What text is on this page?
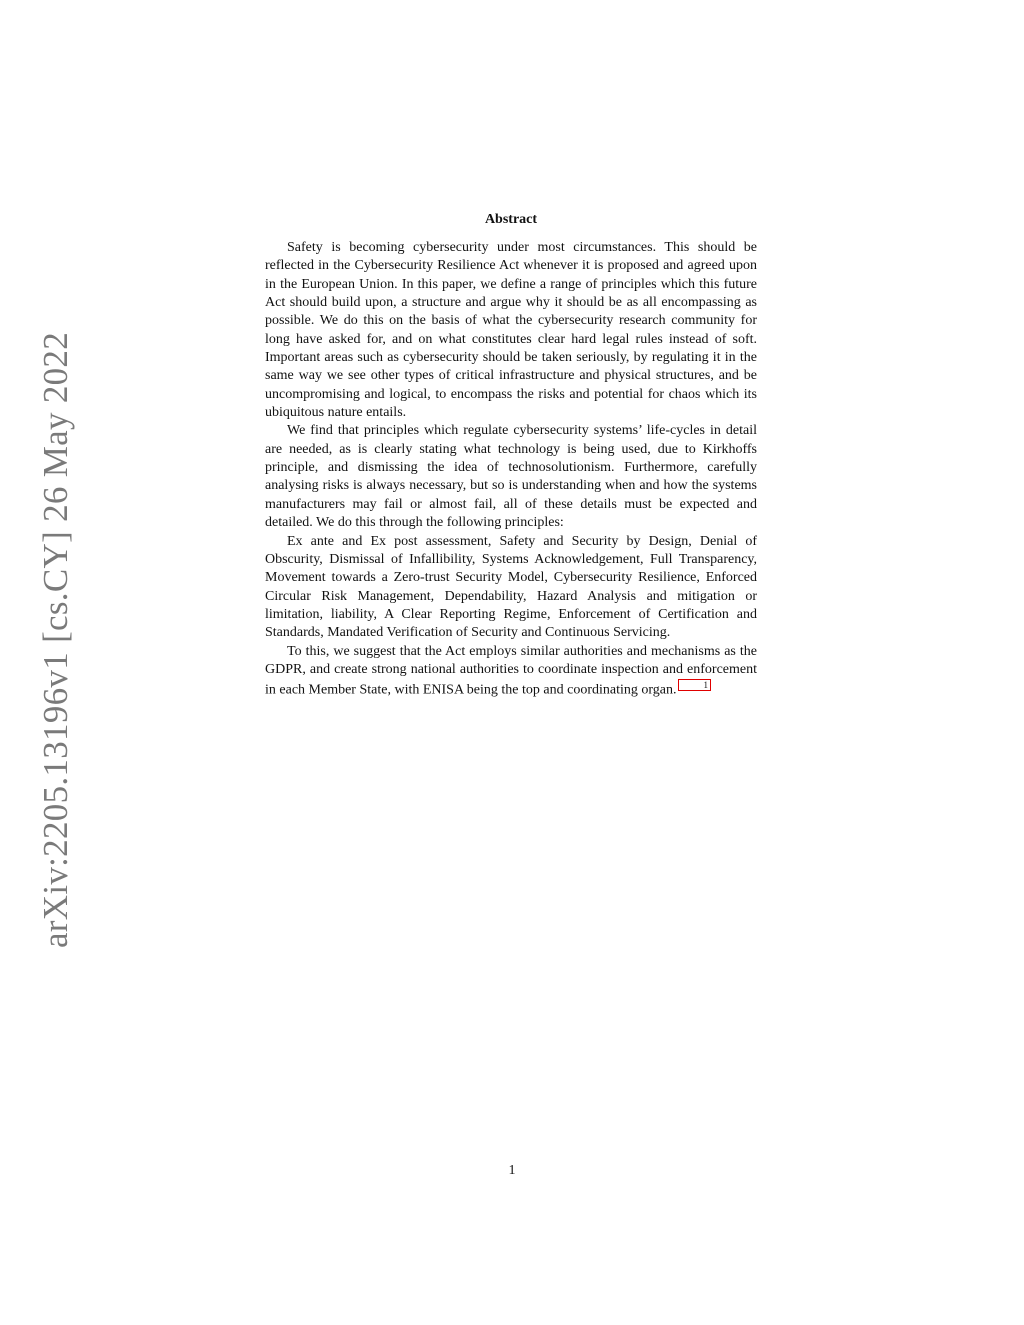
arXiv:2205.13196v1 [cs.CY] 26 May 2022
Abstract

Safety is becoming cybersecurity under most circumstances. This should be reflected in the Cybersecurity Resilience Act whenever it is proposed and agreed upon in the European Union. In this paper, we define a range of principles which this future Act should build upon, a structure and argue why it should be as all encompassing as possible. We do this on the basis of what the cybersecurity research community for long have asked for, and on what constitutes clear hard legal rules instead of soft. Important areas such as cybersecurity should be taken seriously, by regulating it in the same way we see other types of critical infrastructure and physical structures, and be uncompromising and logical, to encompass the risks and potential for chaos which its ubiquitous nature entails.

We find that principles which regulate cybersecurity systems’ life-cycles in detail are needed, as is clearly stating what technology is being used, due to Kirkhoffs principle, and dismissing the idea of technosolutionism. Furthermore, carefully analysing risks is always necessary, but so is understanding when and how the systems manufacturers may fail or almost fail, all of these details must be expected and detailed. We do this through the following principles:

Ex ante and Ex post assessment, Safety and Security by Design, Denial of Obscurity, Dismissal of Infallibility, Systems Acknowledgement, Full Transparency, Movement towards a Zero-trust Security Model, Cybersecurity Resilience, Enforced Circular Risk Management, Dependability, Hazard Analysis and mitigation or limitation, liability, A Clear Reporting Regime, Enforcement of Certification and Standards, Mandated Verification of Security and Continuous Servicing.

To this, we suggest that the Act employs similar authorities and mechanisms as the GDPR, and create strong national authorities to coordinate inspection and enforcement in each Member State, with ENISA being the top and coordinating organ.	1

1
